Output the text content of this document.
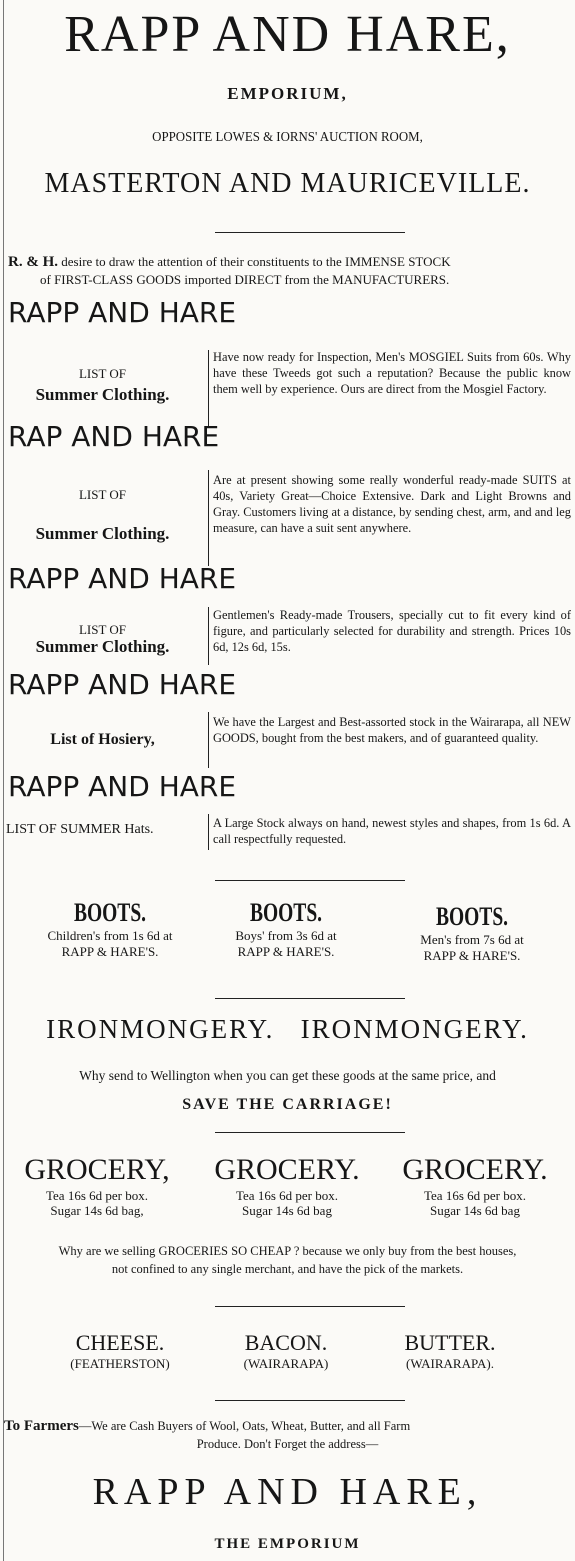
RAPP AND HARE,
EMPORIUM,
OPPOSITE LOWES & IORNS' AUCTION ROOM,
MASTERTON AND MAURICEVILLE.
R. & H. desire to draw the attention of their constituents to the IMMENSE STOCK
of FIRST-CLASS GOODS imported DIRECT from the MANUFACTURERS.
RAPP AND HARE
LIST OF
Summer Clothing.
Have now ready for Inspection, Men's MOSGIEL Suits from 60s. Why have these Tweeds got such a reputation? Because the public know them well by experience. Ours are direct from the Mosgiel Factory.
RAP AND HARE
LIST OF
Summer Clothing.
Are at present showing some really wonderful ready-made SUITS at 40s, Variety Great—Choice Extensive. Dark and Light Browns and Gray. Customers living at a distance, by sending chest, arm, and and leg measure, can have a suit sent anywhere.
RAPP AND HARE
LIST OF
Summer Clothing.
Gentlemen's Ready-made Trousers, specially cut to fit every kind of figure, and particularly selected for durability and strength. Prices 10s 6d, 12s 6d, 15s.
RAPP AND HARE
List of Hosiery,
We have the Largest and Best-assorted stock in the Wairarapa, all NEW GOODS, bought from the best makers, and of guaranteed quality.
RAPP AND HARE
LIST OF SUMMER Hats.	A Large Stock always on hand, newest styles and shapes, from 1s 6d. A call respectfully requested.
BOOTS.
Children's from 1s 6d at
RAPP & HARE'S.
BOOTS.
Boys' from 3s 6d at
RAPP & HARE'S.
BOOTS.
Men's from 7s 6d at
RAPP & HARE'S.
IRONMONGERY.   IRONMONGERY.
Why send to Wellington when you can get these goods at the same price, and
SAVE THE CARRIAGE!
GROCERY,
Tea 16s 6d per box.
Sugar 14s 6d bag,
GROCERY.
Tea 16s 6d per box.
Sugar 14s 6d bag
GROCERY.
Tea 16s 6d per box.
Sugar 14s 6d bag
Why are we selling GROCERIES SO CHEAP ? because we only buy from the best houses,
not confined to any single merchant, and have the pick of the markets.
CHEESE.
(FEATHERSTON)
BACON.
(WAIRARAPA)
BUTTER.
(WAIRARAPA).
To Farmers—We are Cash Buyers of Wool, Oats, Wheat, Butter, and all Farm
Produce. Don't Forget the address—
RAPP AND HARE,
THE EMPORIUM
